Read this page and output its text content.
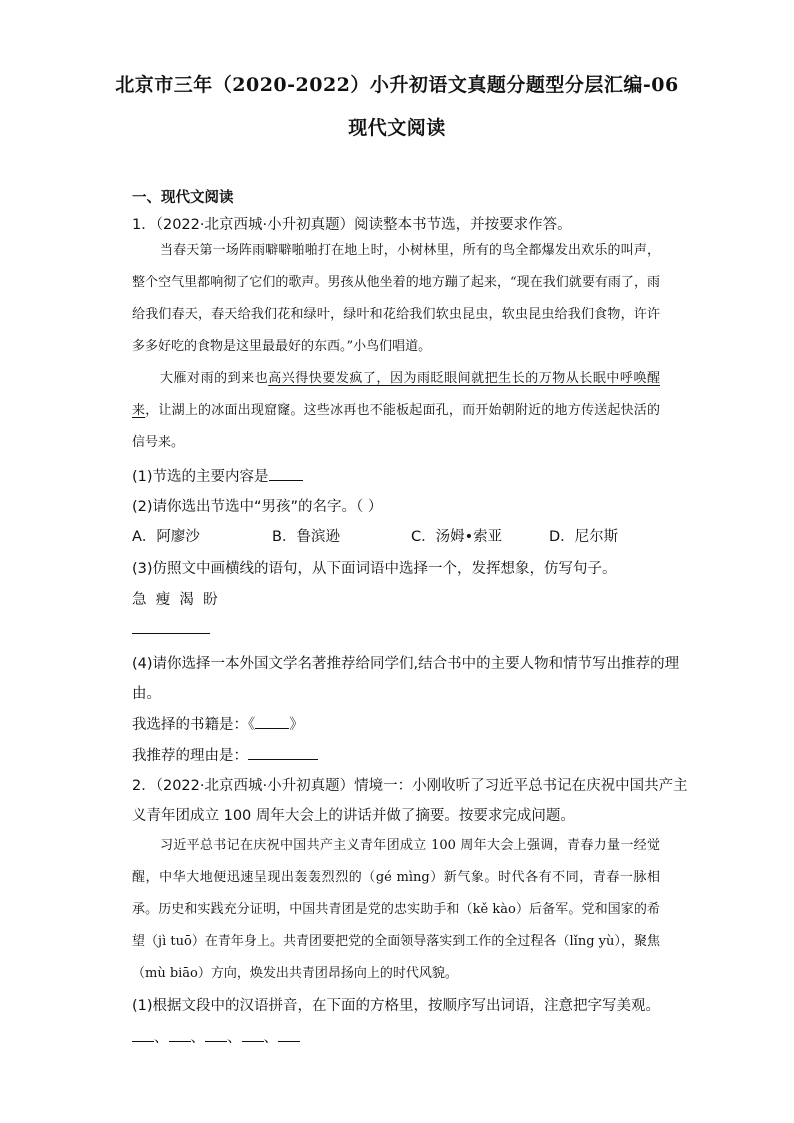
北京市三年（2020-2022）小升初语文真题分题型分层汇编-06
现代文阅读
一、现代文阅读
1．（2022·北京西城·小升初真题）阅读整本书节选，并按要求作答。

当春天第一场阵雨噼噼啪啪打在地上时，小树林里，所有的鸟全都爆发出欢乐的叫声，整个空气里都响彻了它们的歌声。男孩从他坐着的地方蹦了起来，“现在我们就要有雨了，雨给我们春天，春天给我们花和绿叶，绿叶和花给我们软虫昆虫，软虫昆虫给我们食物，许许多多好吃的食物是这里最最好的东西。”小鸟们唱道。

大雁对雨的到来也高兴得快要发疯了，因为雨眨眼间就把生长的万物从长眠中呼唤醒来，让湖上的冰面出现窟窿。这些冰再也不能板起面孔，而开始朝附近的地方传送起快活的信号来。

(1)节选的主要内容是
(2)请你选出节选中“男孩”的名字。（ ）
A．阿廖沙	B．鲁滨逊	C．汤姆•索亚	D．尼尔斯
(3)仿照文中画横线的语句，从下面词语中选择一个，发挥想象，仿写句子。
急  瘦  渴  盼
(4)请你选择一本外国文学名著推荐给同学们,结合书中的主要人物和情节写出推荐的理
由。
我选择的书籍是：《 》
我推荐的理由是：
2．（2022·北京西城·小升初真题）情境一：小刚收听了习近平总书记在庆祝中国共产主
义青年团成立 100 周年大会上的讲话并做了摘要。按要求完成问题。

习近平总书记在庆祝中国共产主义青年团成立 100 周年大会上强调，青春力量一经觉醒，中华大地便迅速呈现出轰轰烈烈的（gé mìng）新气象。时代各有不同，青春一脉相承。历史和实践充分证明，中国共青团是党的忠实助手和（kě kào）后备军。党和国家的希望（jì tuō）在青年身上。共青团要把党的全面领导落实到工作的全过程各（lǐng yù），聚焦（mù biāo）方向，焕发出共青团昂扬向上的时代风貌。

(1)根据文段中的汉语拼音，在下面的方格里，按顺序写出词语，注意把字写美观。
、 、 、 、
